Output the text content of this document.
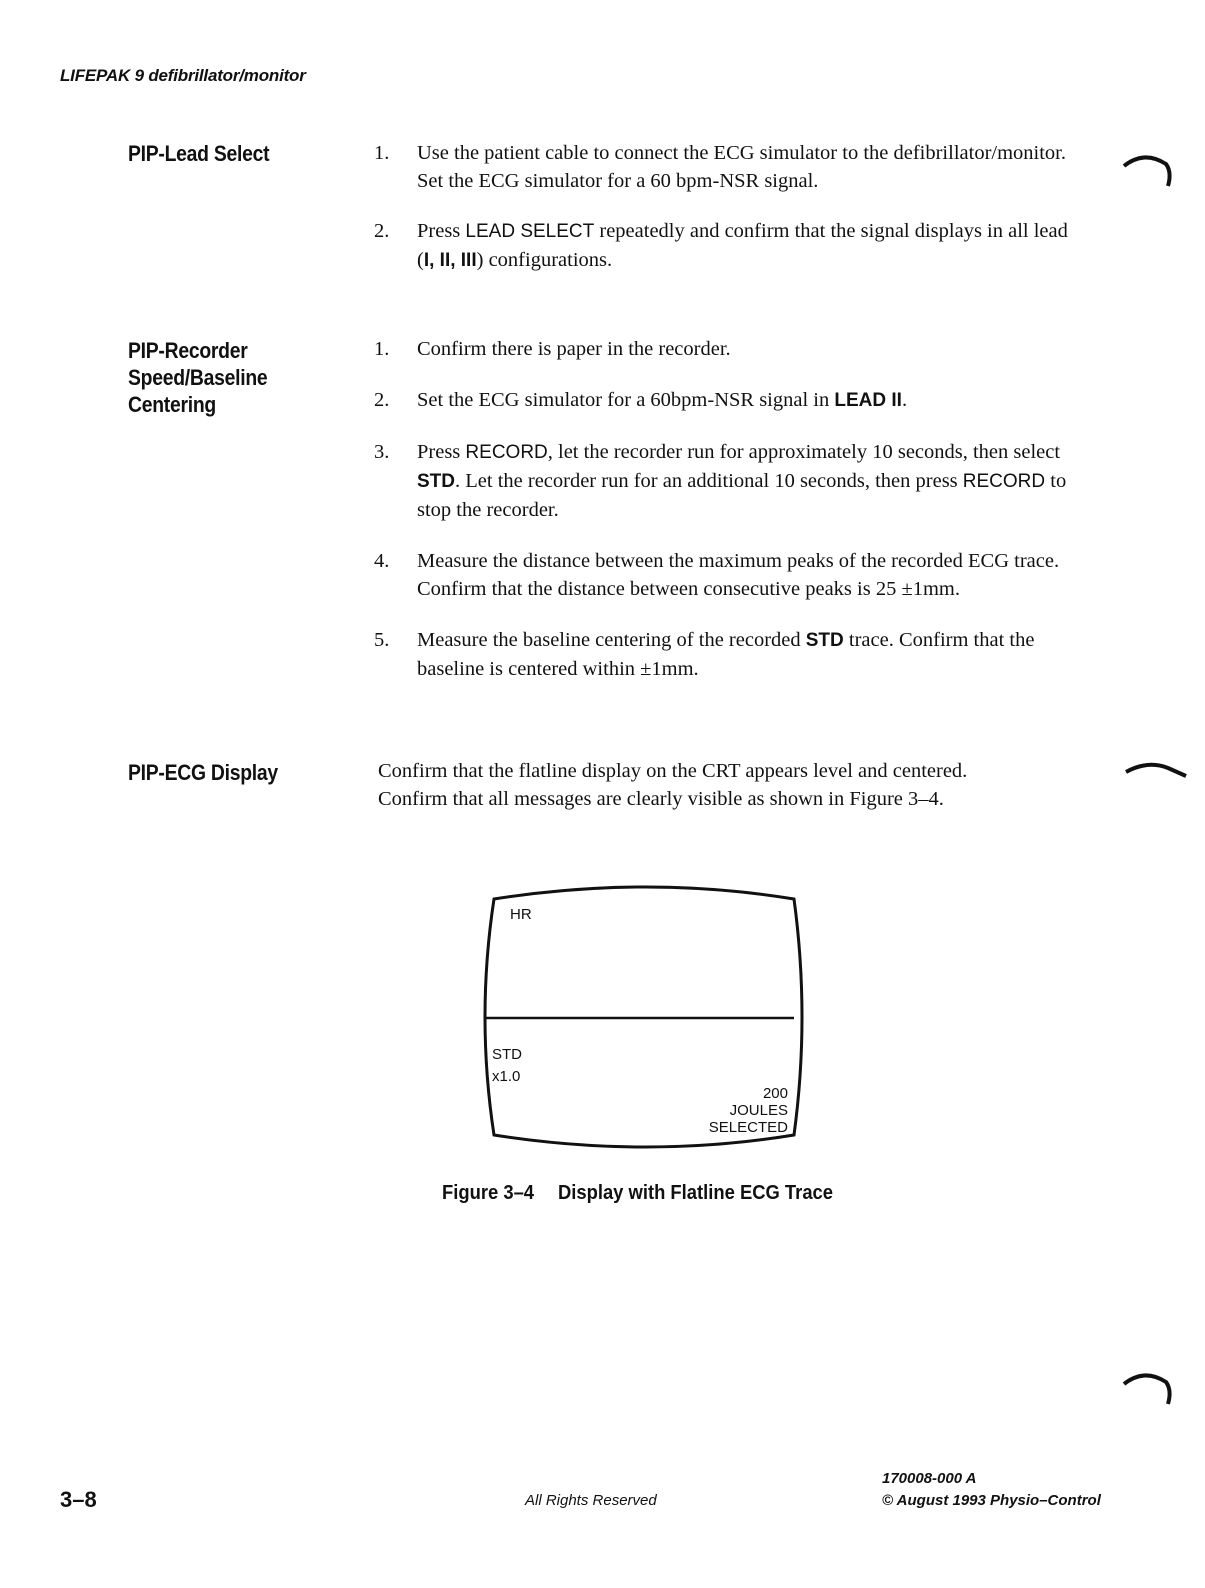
LIFEPAK 9 defibrillator/monitor
PIP-Lead Select	1. Use the patient cable to connect the ECG simulator to the defibrillator/monitor. Set the ECG simulator for a 60 bpm-NSR signal.
2. Press LEAD SELECT repeatedly and confirm that the signal displays in all lead (I, II, III) configurations.
PIP-Recorder
Speed/Baseline
Centering
1. Confirm there is paper in the recorder.
2. Set the ECG simulator for a 60bpm-NSR signal in LEAD II.
3. Press RECORD, let the recorder run for approximately 10 seconds, then select STD. Let the recorder run for an additional 10 seconds, then press RECORD to stop the recorder.
4. Measure the distance between the maximum peaks of the recorded ECG trace. Confirm that the distance between consecutive peaks is 25 ±1mm.
5. Measure the baseline centering of the recorded STD trace. Confirm that the baseline is centered within ±1mm.
PIP-ECG Display	Confirm that the flatline display on the CRT appears level and centered.
Confirm that all messages are clearly visible as shown in Figure 3–4.
HR
STD
x1.0
200
JOULES
SELECTED
Figure 3–4 Display with Flatline ECG Trace
3–8	All Rights Reserved
170008-000 A
© August 1993 Physio–Control
